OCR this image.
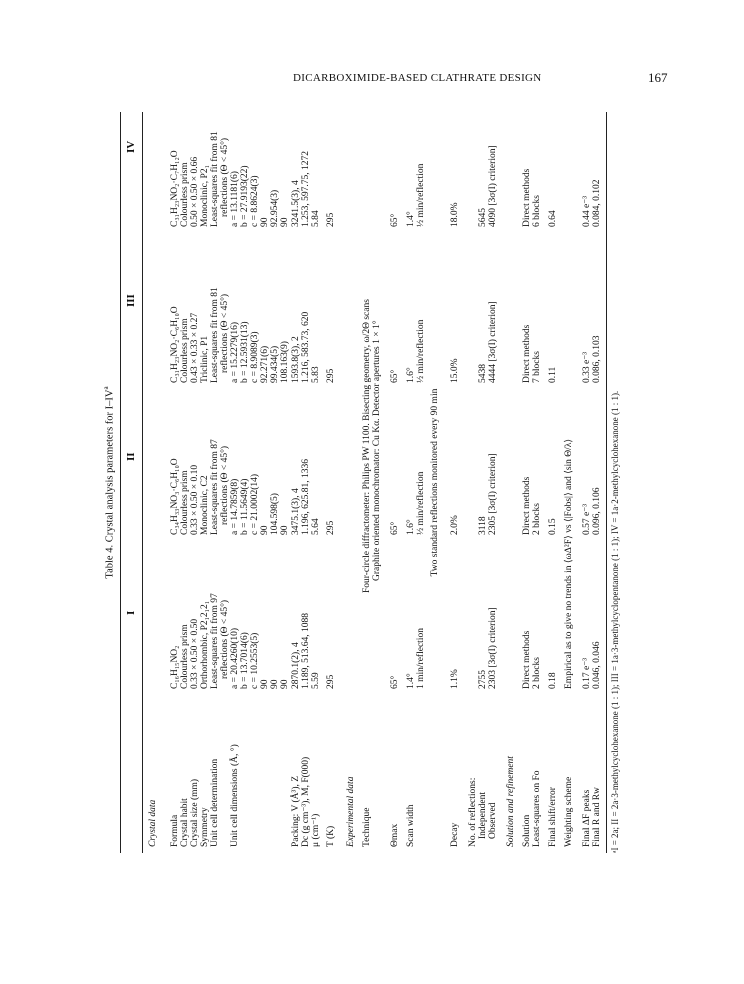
DICARBOXIMIDE-BASED CLATHRATE DESIGN	167
Table 4. Crystal analysis parameters for $I-IV^a$
I
II
III
IV
Crystal data Formula
C₁₆H₁₅NO₂
C₃₄H₃₃NO₃·C₆H₁₀O
C₃₁H₂₃NO₂·C₆H₁₀O
C₃₁H₂₃NO₂·C₇H₁₂O
Crystal habit
Colourless prism
Colourless prism
Colourless prism
Colourless prism
Crystal size (mm)
0.33 × 0.50 × 0.50
0.33 × 0.50 × 0.10
0.43 × 0.33 × 0.27
0.50 × 0.50 × 0.66
Symmetry
Orthorhombic, P2₁2₁2₁
Monoclinic, C2
Triclinic, P1
Monoclinic, P2₁
Unit cell determination
Least-squares fit from 97
Least-squares fit from 87
Least-squares fit from 81
Least-squares fit from 81
reflections (Θ < 45°)
reflections (Θ < 45°)
reflections (Θ < 45°)
reflections (Θ < 45°)
Unit cell dimensions (Å, °)
a = 20.4260(10)
a = 14.7859(8)
a = 15.2279(16)
a = 13.1181(6)
b = 13.7014(6)
b = 11.5649(4)
b = 12.5931(13)
b = 27.9193(22)
c = 10.2553(5)
c = 21.0002(14)
c = 8.9089(3)
c = 8.8624(3)
90
90
92.271(6)
90
90
104.598(5)
99.434(5)
92.954(3)
90
90
108.163(9)
90
Packing: V (Å³), Z
2870.1(2), 4
3475.1(3), 4
1593.8(3), 2
3241.5(3), 4
Dc (g cm⁻³), M, F(000)
1.189, 513.64, 1088
1.196, 625.81, 1336
1.216, 583.73, 620
1.253, 597.75, 1272
μ (cm⁻¹)
5.59
5.64
5.83
5.84
T (K)
295
295
295
295
Experimental data Technique
Four-circle diffractometer: Philips PW 1100. Bisecting geometry, ω/2Θ scans Graphite oriented monochromator: Cu Kα. Detector apertures 1 × 1°
Θmax
65°
65°
65°
65°
Scan width
1.4°
1.6°
1.6°
1.4°
1 min/reflection
½ min/reflection
½ min/reflection
½ min/reflection
Two standard reflections monitored every 90 min
Decay
1.1%
2.0%
15.0%
18.0%
No. of reflections: Independent
2755
3118
5438
5645
Observed
2303 [3σ(I) criterion]
2305 [3σ(I) criterion]
4444 [3σ(I) criterion]
4090 [3σ(I) criterion]
Solution and refinement Solution
Direct methods
Direct methods
Direct methods
Direct methods
Least-squares on Fo
2 blocks
2 blocks
7 blocks
6 blocks
Final shift/error
0.18
0.15
0.11
0.64
Weighting scheme
Empirical as to give no trends in ⟨ωΔ²F⟩ vs ⟨|Fobs|⟩ and ⟨sin Θ/λ⟩
Final ΔF peaks
0.17 e⁻³
0.57 e⁻³
0.33 e⁻³
0.44 e⁻³
Final R and Rw
0.046, 0.046
0.096, 0.106
0.086, 0.103
0.084, 0.102
ᵃI = 2a; II = 2a·3-methylcyclohexanone (1 : 1); III = 1a·3-methylcyclopentanone (1 : 1); IV = 1a·2-methylcyclohexanone (1 : 1).
